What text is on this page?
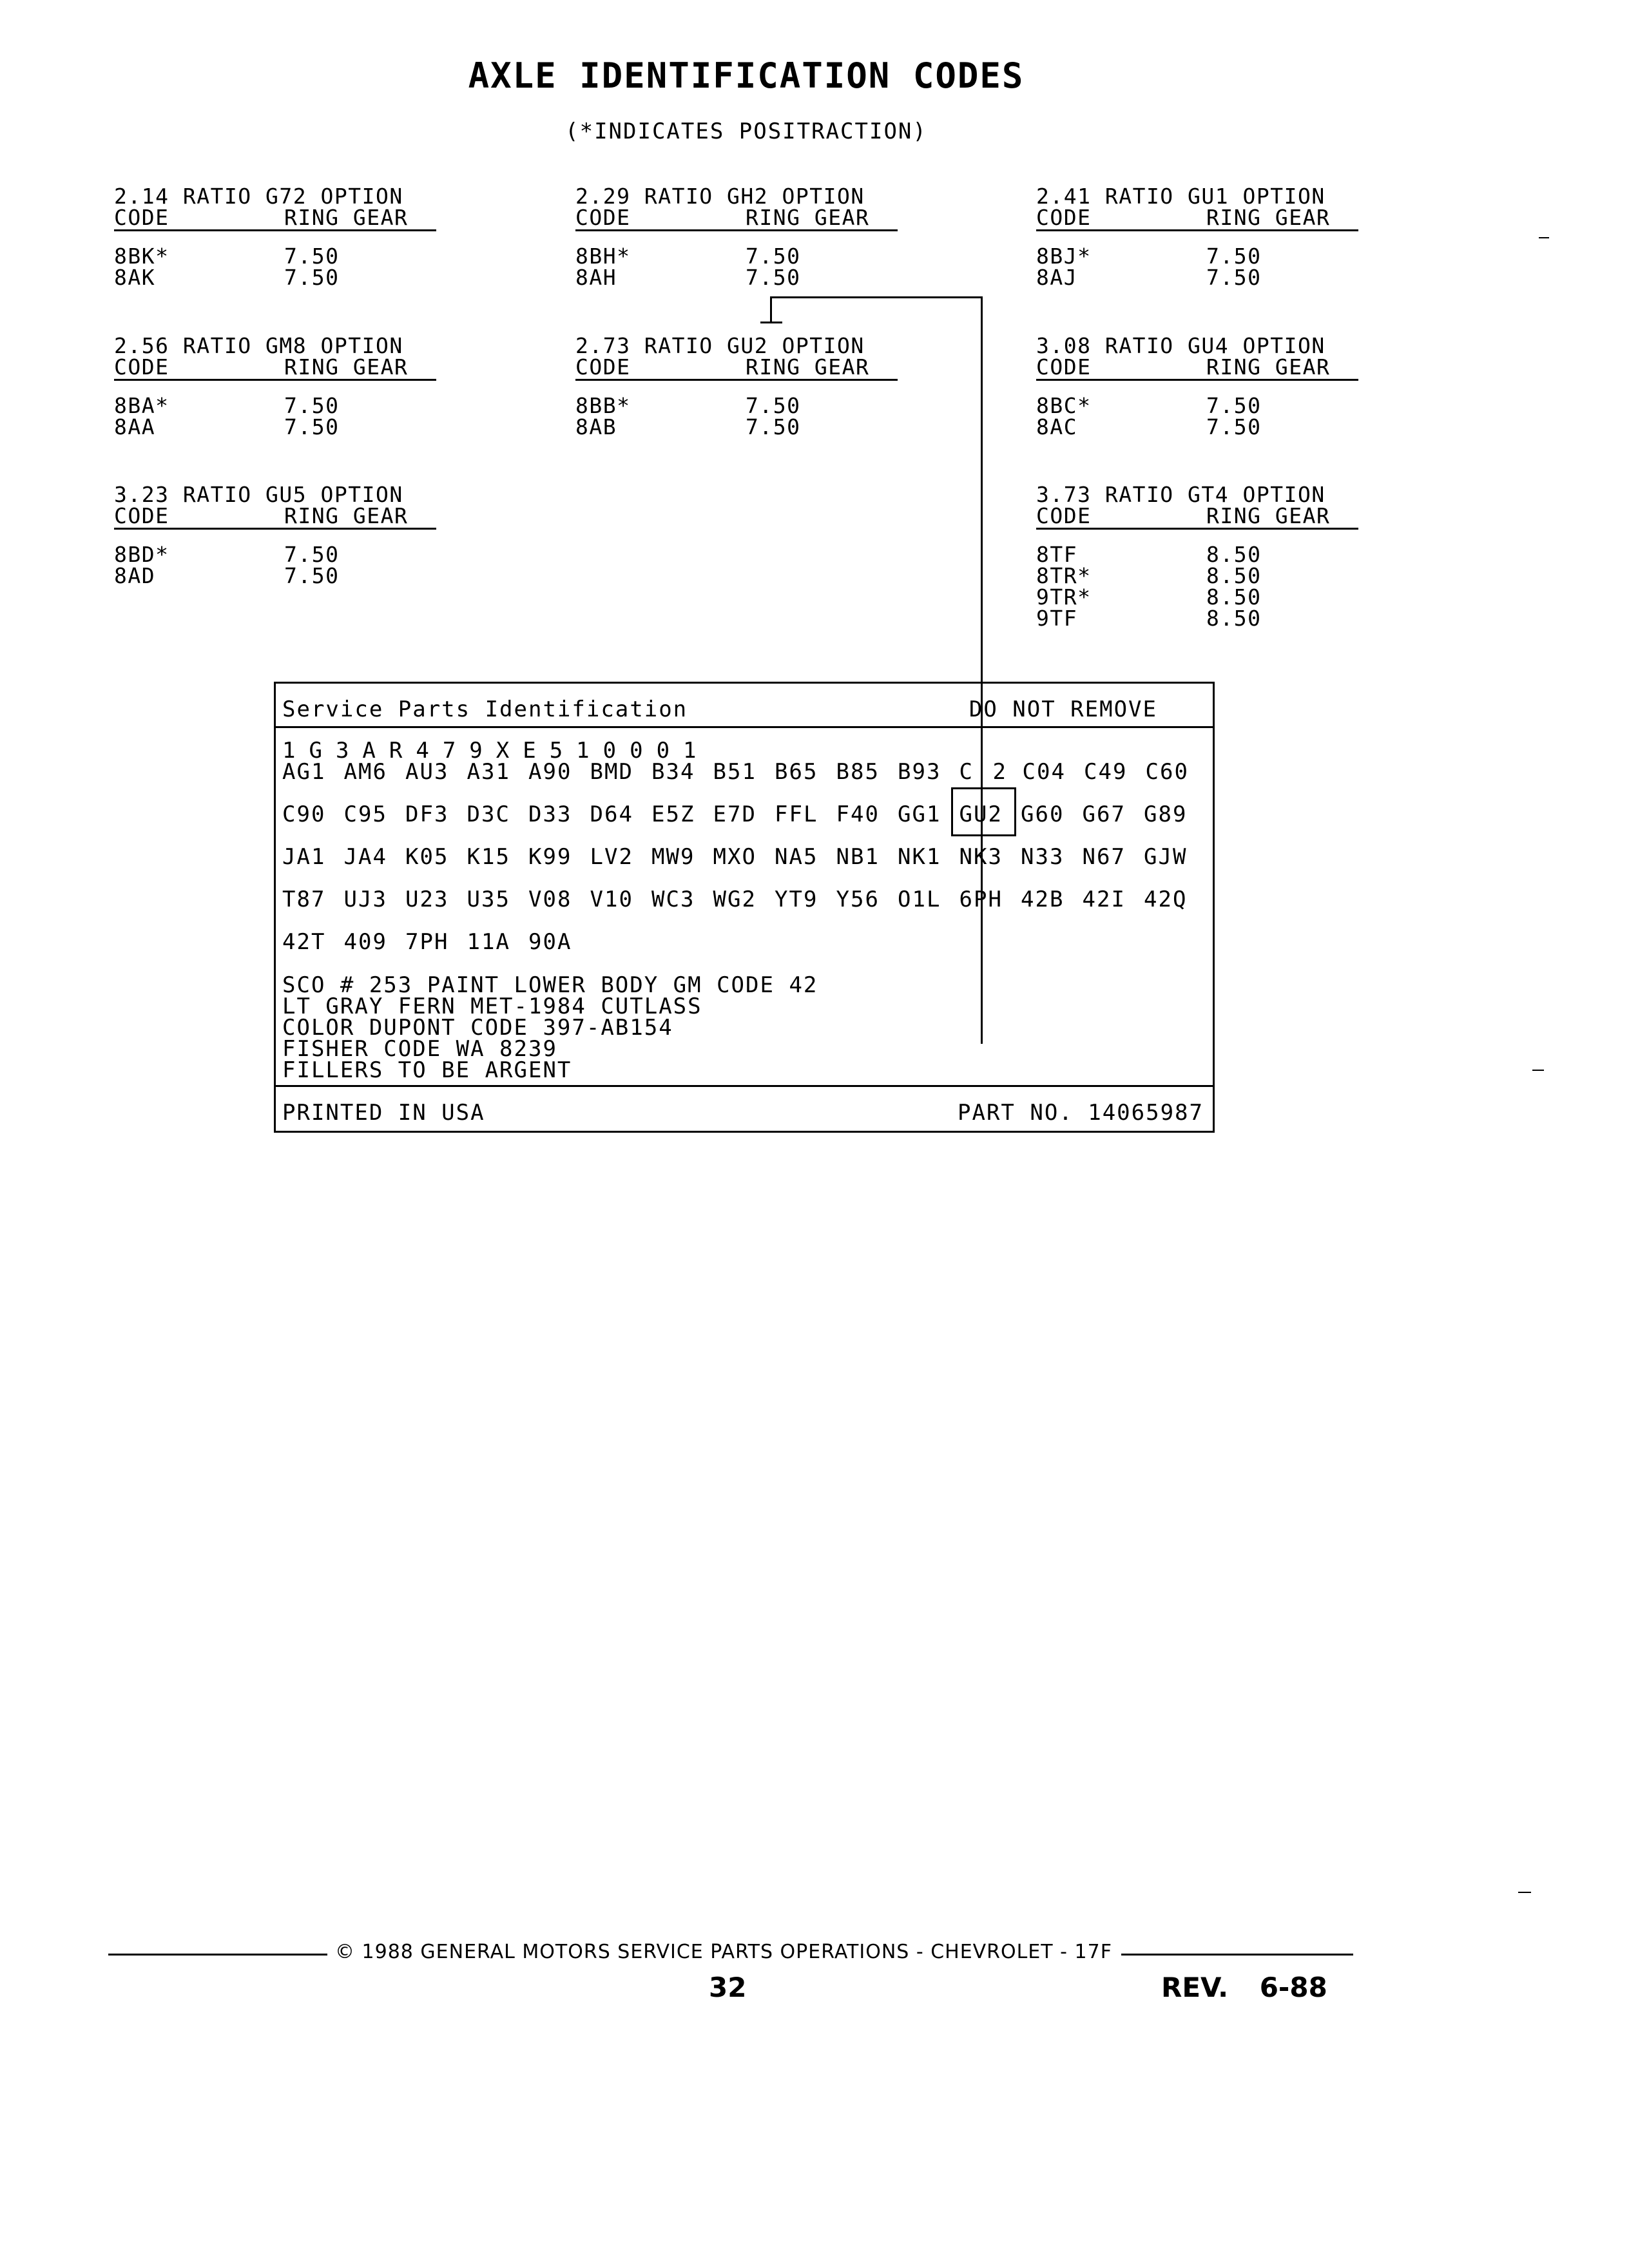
AXLE IDENTIFICATION CODES
(*INDICATES POSITRACTION)
2.14 RATIO G72 OPTION
CODE	RING GEAR
8BK*	7.50
8AK	7.50
2.29 RATIO GH2 OPTION
CODE	RING GEAR
8BH*	7.50
8AH	7.50
2.41 RATIO GU1 OPTION
CODE	RING GEAR
8BJ*	7.50
8AJ	7.50
2.56 RATIO GM8 OPTION
CODE	RING GEAR
8BA*	7.50
8AA	7.50
2.73 RATIO GU2 OPTION
CODE	RING GEAR
8BB*	7.50
8AB	7.50
3.08 RATIO GU4 OPTION
CODE	RING GEAR
8BC*	7.50
8AC	7.50
3.23 RATIO GU5 OPTION
CODE	RING GEAR
8BD*	7.50
8AD	7.50
3.73 RATIO GT4 OPTION
CODE	RING GEAR
8TF	8.50
8TR*	8.50
9TR*	8.50
9TF	8.50
Service Parts Identification	DO NOT REMOVE
1G3AR479XE510001
AG1 AM6 AU3 A31 A90 BMD B34 B51 B65 B85 B93 C 2 C04 C49 C60
C90 C95 DF3 D3C D33 D64 E5Z E7D FFL F40 GG1 GU2 G60 G67 G89
JA1 JA4 K05 K15 K99 LV2 MW9 MXO NA5 NB1 NK1 NK3 N33 N67 GJW
T87 UJ3 U23 U35 V08 V10 WC3 WG2 YT9 Y56 O1L 6PH 42B 42I 42Q
42T 409 7PH 11A 90A
SCO # 253 PAINT LOWER BODY GM CODE 42
LT GRAY FERN MET-1984 CUTLASS
COLOR DUPONT CODE 397-AB154
FISHER CODE WA 8239
FILLERS TO BE ARGENT
PRINTED IN USA	PART NO. 14065987
© 1988 GENERAL MOTORS SERVICE PARTS OPERATIONS - CHEVROLET - 17F
32	REV. 6-88
